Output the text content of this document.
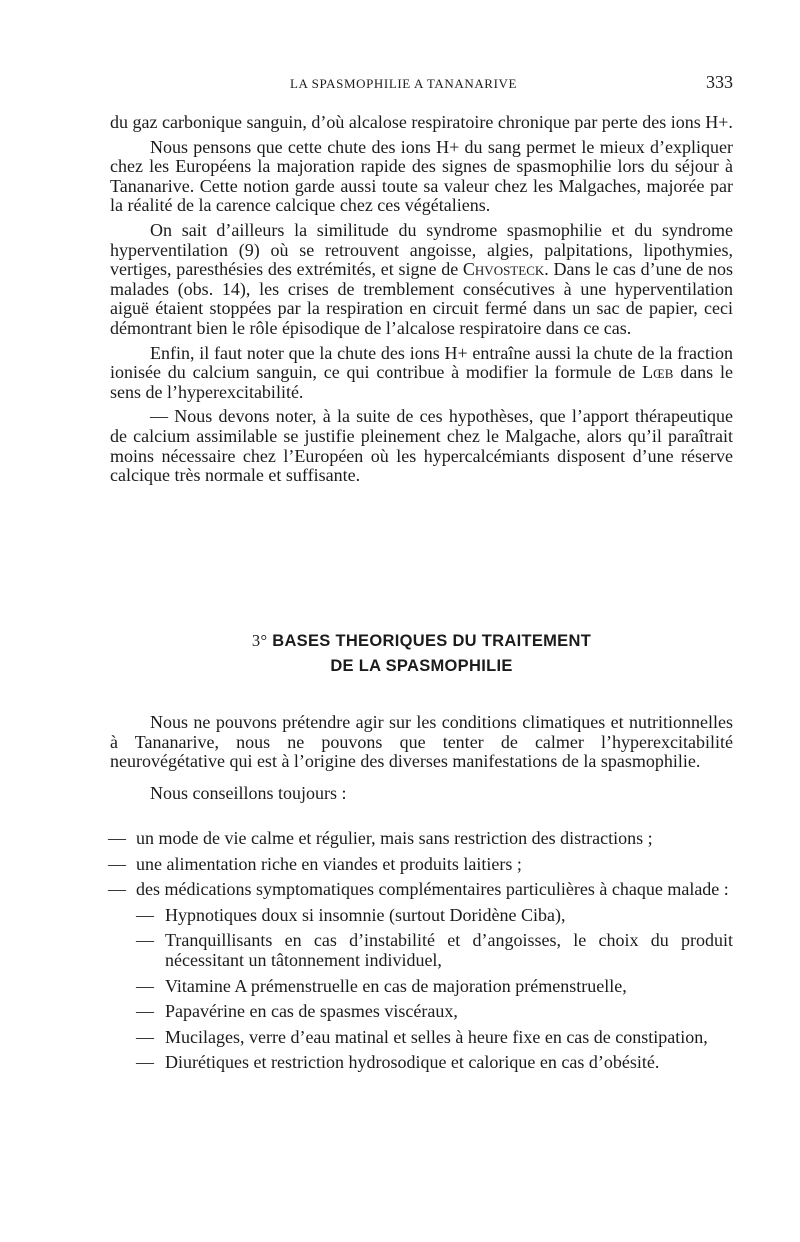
LA SPASMOPHILIE A TANANARIVE	333

du gaz carbonique sanguin, d’où alcalose respiratoire chronique par perte des ions H+.

Nous pensons que cette chute des ions H+ du sang permet le mieux d’expliquer chez les Européens la majoration rapide des signes de spasmophilie lors du séjour à Tananarive. Cette notion garde aussi toute sa valeur chez les Malgaches, majorée par la réalité de la carence calcique chez ces végétaliens.

On sait d’ailleurs la similitude du syndrome spasmophilie et du syndrome hyperventilation (9) où se retrouvent angoisse, algies, palpitations, lipothymies, vertiges, paresthésies des extrémités, et signe de Chvosteck. Dans le cas d’une de nos malades (obs. 14), les crises de tremblement consécutives à une hyperventilation aiguë étaient stoppées par la respiration en circuit fermé dans un sac de papier, ceci démontrant bien le rôle épisodique de l’alcalose respiratoire dans ce cas.

Enfin, il faut noter que la chute des ions H+ entraîne aussi la chute de la fraction ionisée du calcium sanguin, ce qui contribue à modifier la formule de Lœb dans le sens de l’hyperexcitabilité.

— Nous devons noter, à la suite de ces hypothèses, que l’apport thérapeutique de calcium assimilable se justifie pleinement chez le Malgache, alors qu’il paraîtrait moins nécessaire chez l’Européen où les hypercalcémiants disposent d’une réserve calcique très normale et suffisante.

3° BASES THEORIQUES DU TRAITEMENT
DE LA SPASMOPHILIE

Nous ne pouvons prétendre agir sur les conditions climatiques et nutritionnelles à Tananarive, nous ne pouvons que tenter de calmer l’hyperexcitabilité neurovégétative qui est à l’origine des diverses manifestations de la spasmophilie.

Nous conseillons toujours :

— un mode de vie calme et régulier, mais sans restriction des distractions ;
— une alimentation riche en viandes et produits laitiers ;
— des médications symptomatiques complémentaires particulières à chaque malade :
— Hypnotiques doux si insomnie (surtout Doridène Ciba),
— Tranquillisants en cas d’instabilité et d’angoisses, le choix du produit nécessitant un tâtonnement individuel,
— Vitamine A prémenstruelle en cas de majoration prémenstruelle,
— Papavérine en cas de spasmes viscéraux,
— Mucilages, verre d’eau matinal et selles à heure fixe en cas de constipation,
— Diurétiques et restriction hydrosodique et calorique en cas d’obésité.
